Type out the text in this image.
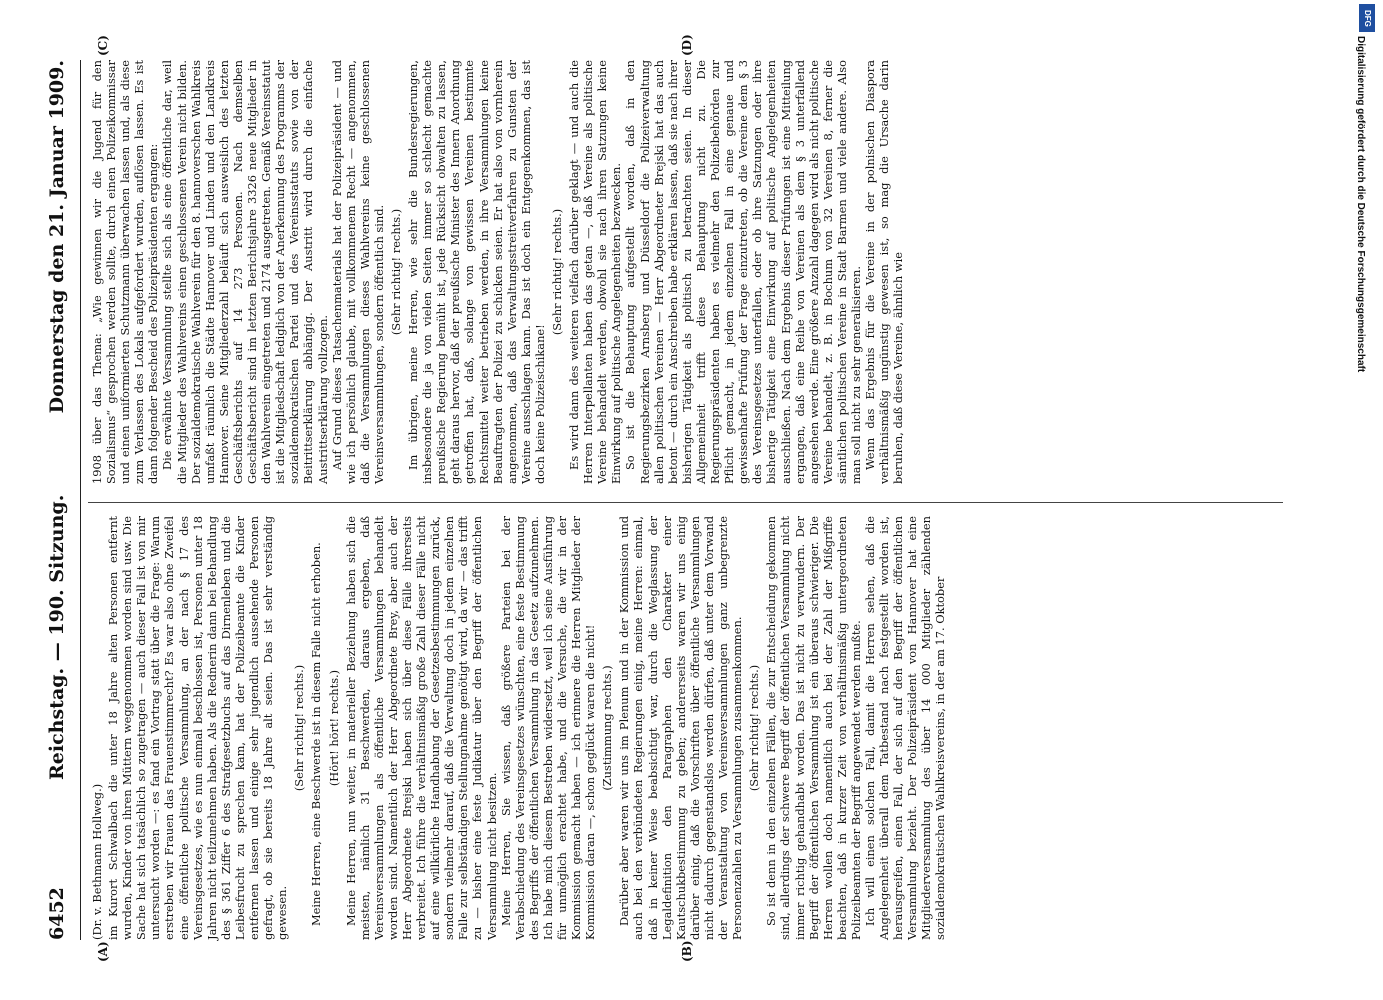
6452
Reichstag. — 190. Sitzung.
Donnerstag den 21. Januar 1909.
(A)	(B)
(C)	(D)

(Dr. v. Bethmann Hollweg.) im Kurort Schwalbach die unter 18 Jahre alten Personen entfernt wurden, Kinder von ihren Müttern weggenommen worden sind usw. Die Sache hat sich tatsächlich so zugetragen — auch dieser Fall ist von mir untersucht worden —: es fand ein Vortrag statt über die Frage: Warum erstreben wir Frauen das Frauenstimmrecht? Es war also ohne Zweifel eine öffentliche politische Versammlung, an der nach § 17 des Vereinsgesetzes, wie es nun einmal beschlossen ist, Personen unter 18 Jahren nicht teilzunehmen haben. Als die Rednerin dann bei Behandlung des § 361 Ziffer 6 des Strafgesetzbuchs auf das Dirnenleben und die Leibesfrucht zu sprechen kam, hat der Polizeibeamte die Kinder entfernen lassen und einige sehr jugendlich aussehende Personen gefragt, ob sie bereits 18 Jahre alt seien. Das ist sehr verständig gewesen.

(Sehr richtig! rechts.) Meine Herren, eine Beschwerde ist in diesem Falle nicht erhoben. (Hört! hört! rechts.) Meine Herren, nun weiter, in materieller Beziehung haben sich die meisten, nämlich 31 Beschwerden, daraus ergeben, daß Vereinsversammlungen als öffentliche Versammlungen behandelt worden sind. Namentlich der Herr Abgeordnete Brey, aber auch der Herr Abgeordnete Brejski haben sich über diese Fälle ihrerseits verbreitet. Ich führe die verhältnismäßig große Zahl dieser Fälle nicht auf eine willkürliche Handhabung der Gesetzesbestimmungen zurück, sondern vielmehr darauf, daß die Verwaltung doch in jedem einzelnen Falle zur selbständigen Stellungnahme genötigt wird, da wir — das trifft zu — bisher eine feste Judikatur über den Begriff der öffentlichen Versammlung nicht besitzen. Meine Herren, Sie wissen, daß größere Parteien bei der Verabschiedung des Vereinsgesetzes wünschten, eine feste Bestimmung des Begriffs der öffentlichen Versammlung in das Gesetz aufzunehmen. Ich habe mich diesem Bestreben widersetzt, weil ich seine Ausführung für unmöglich erachtet habe, und die Versuche, die wir in der Kommission gemacht haben — ich erinnere die Herren Mitglieder der Kommission daran —, schon geglückt waren die nicht! (Zustimmung rechts.) Darüber aber waren wir uns im Plenum und in der Kommission und auch bei den verbündeten Regierungen einig, meine Herren: einmal, daß in keiner Weise beabsichtigt war, durch die Weglassung der Legaldefinition den Paragraphen den Charakter einer Kautschukbestimmung zu geben; andererseits waren wir uns einig darüber einig, daß die Vorschriften über öffentliche Versammlungen nicht dadurch gegenstandslos werden dürfen, daß unter dem Vorwand der Veranstaltung von Vereinsversammlungen ganz unbegrenzte Personenzahlen zu Versammlungen zusammenkommen. (Sehr richtig! rechts.) So ist denn in den einzelnen Fällen, die zur Entscheidung gekommen sind, allerdings der schwere Begriff der öffentlichen Versammlung nicht immer richtig gehandhabt worden. Das ist nicht zu verwundern. Der Begriff der öffentlichen Versammlung ist ein überaus schwieriger. Die Herren wollen doch namentlich auch bei der Zahl der Mißgriffe beachten, daß in kurzer Zeit von verhältnismäßig untergeordneten Polizeibeamten der Begriff angewendet werden mußte. Ich will einen solchen Fall, damit die Herren sehen, daß die Angelegenheit überall dem Tatbestand nach festgestellt worden ist, herausgreifen, einen Fall, der sich auf den Begriff der öffentlichen Versammlung bezieht. Der Polizeipräsident von Hannover hat eine Mitgliederversammlung des über 14 000 Mitglieder zählenden sozialdemokratischen Wahlkreisvereins, in der am 17. Oktober

1908 über das Thema: „Wie gewinnen wir die Jugend für den Sozialismus“ gesprochen werden sollte, durch einen Polizeikommissar und einen uniformierten Schutzmann überwachen lassen und, als diese zum Verlassen des Lokals aufgefordert wurden, auflösen lassen. Es ist dann folgender Bescheid des Polizeipräsidenten ergangen: Die erwähnte Versammlung stellte sich als eine öffentliche dar, weil die Mitglieder des Wahlvereins einen geschlossenen Verein nicht bilden. Der sozialdemokratische Wahlverein für den 8. hannoverschen Wahlkreis umfaßt räumlich die Städte Hannover und Linden und den Landkreis Hannover. Seine Mitgliederzahl beläuft sich ausweislich des letzten Geschäftsberichts auf 14 273 Personen. Nach demselben Geschäftsbericht sind im letzten Berichtsjahre 3326 neue Mitglieder in den Wahlverein eingetreten und 2174 ausgetreten. Gemäß Vereinsstatut ist die Mitgliedschaft lediglich von der Anerkennung des Programms der sozialdemokratischen Partei und des Vereinsstatuts sowie von der Beitrittserklärung abhängig. Der Austritt wird durch die einfache Austrittserklärung vollzogen. Auf Grund dieses Tatsachenmaterials hat der Polizeipräsident — und wie ich persönlich glaube, mit vollkommenem Recht — angenommen, daß die Versammlungen dieses Wahlvereins keine geschlossenen Vereinsversammlungen, sondern öffentlich sind. (Sehr richtig! rechts.) Im übrigen, meine Herren, wie sehr die Bundesregierungen, insbesondere die ja von vielen Seiten immer so schlecht gemachte preußische Regierung bemüht ist, jede Rücksicht obwalten zu lassen, geht daraus hervor, daß der preußische Minister des Innern Anordnung getroffen hat, daß, solange von gewissen Vereinen bestimmte Rechtsmittel weiter betrieben werden, in ihre Versammlungen keine Beauftragten der Polizei zu schicken seien. Er hat also von vornherein angenommen, daß das Verwaltungsstreitverfahren zu Gunsten der Vereine ausschlagen kann. Das ist doch ein Entgegenkommen, das ist doch keine Polizeischikane!

(Sehr richtig! rechts.) Es wird dann des weiteren vielfach darüber geklagt — und auch die Herren Interpellanten haben das getan —, daß Vereine als politische Vereine behandelt werden, obwohl sie nach ihren Satzungen keine Einwirkung auf politische Angelegenheiten bezwecken. So ist die Behauptung aufgestellt worden, daß in den Regierungsbezirken Arnsberg und Düsseldorf die Polizeiverwaltung allen politischen Vereinen — Herr Abgeordneter Brejski hat das auch betont — durch ein Anschreiben habe erklären lassen, daß sie nach ihrer bisherigen Tätigkeit als politisch zu betrachten seien. In dieser Allgemeinheit trifft diese Behauptung nicht zu. Die Regierungspräsidenten haben es vielmehr den Polizeibehörden zur Pflicht gemacht, in jedem einzelnen Fall in eine genaue und gewissenhafte Prüfung der Frage einzutreten, ob die Vereine dem § 3 des Vereinsgesetzes unterfallen, oder ob ihre Satzungen oder ihre bisherige Tätigkeit eine Einwirkung auf politische Angelegenheiten ausschließen. Nach dem Ergebnis dieser Prüfungen ist eine Mitteilung ergangen, daß eine Reihe von Vereinen als dem § 3 unterfallend angesehen werde. Eine größere Anzahl dagegen wird als nicht politische Vereine behandelt, z. B. in Bochum von 32 Vereinen 8, ferner die sämtlichen politischen Vereine in Stadt Barmen und viele andere. Also man soll nicht zu sehr generalisieren. Wenn das Ergebnis für die Vereine in der polnischen Diaspora verhältnismäßig ungünstig gewesen ist, so mag die Ursache darin beruhen, daß diese Vereine, ähnlich wie

DFG
Digitalisierung gefördert durch die Deutsche Forschungsgemeinschaft
